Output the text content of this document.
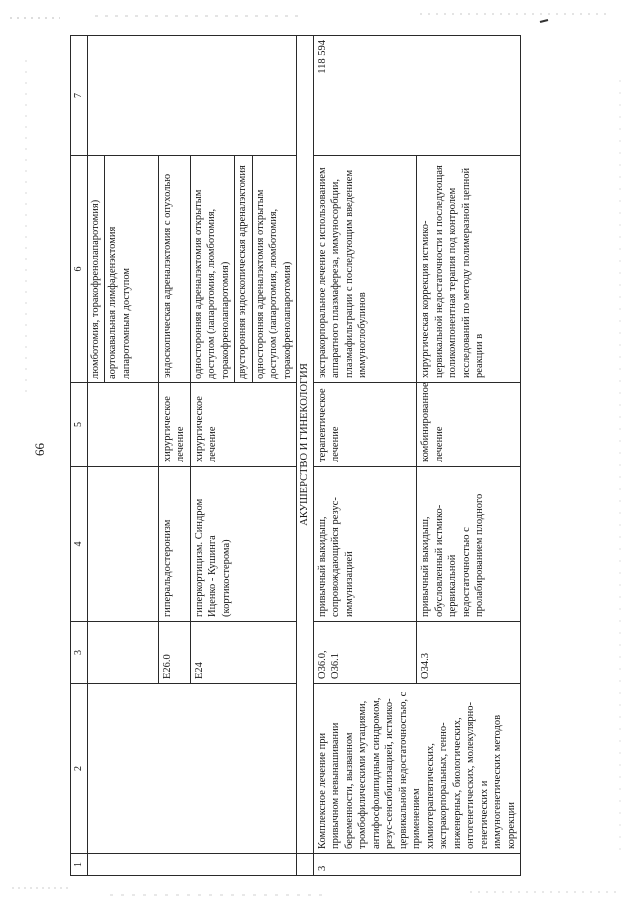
66
1	2	3	4	5	6	7

					люмботомия, торакофренолапаротомия) аортокавальная лимфаденэктомия лапаротомным доступом	

		E26.0	гиперальдостеронизм	хирургическое лечение	эндоскопическая адреналэктомия с опухолью	
		E24	гиперкортицизм. Синдром Иценко - Кушинга (кортикостерома)	хирургическое лечение	односторонняя адреналэктомия открытым доступом (лапаротомия, люмботомия, торакофренолапаротомия) двусторонняя эндоскопическая адреналэктомия односторонняя адреналэктомия открытым доступом (лапаротомия, люмботомия, торакофренолапаротомия)	

	АКУШЕРСТВО И ГИНЕКОЛОГИЯ					
3	Комплексное лечение при привычном невынашивании беременности, вызванном тромбофилическими мутациями, антифосфолипидным синдромом, резус-сенсибилизацией, истмико-цервикальной недостаточностью, с применением химиотерапевтических, экстракорпоральных, генно-инженерных, биологических, онтогенетических, молекулярно-генетических и иммуногенетических методов коррекции	O36.0, O36.1	привычный выкидыш, сопровождающийся резус-иммунизацией	терапевтическое лечение	экстракорпоральное лечение с использованием аппаратного плазмафереза, иммуносорбции, плазмафильтрации с последующим введением иммуноглобулинов	118 594
		O34.3	привычный выкидыш, обусловленный истмико-цервикальной недостаточностью с пролабированием плодного	комбинированное лечение	хирургическая коррекция истмико-цервикальной недостаточности и последующая поликомпонентная терапия под контролем исследований по методу полимеразной цепной реакции в	
